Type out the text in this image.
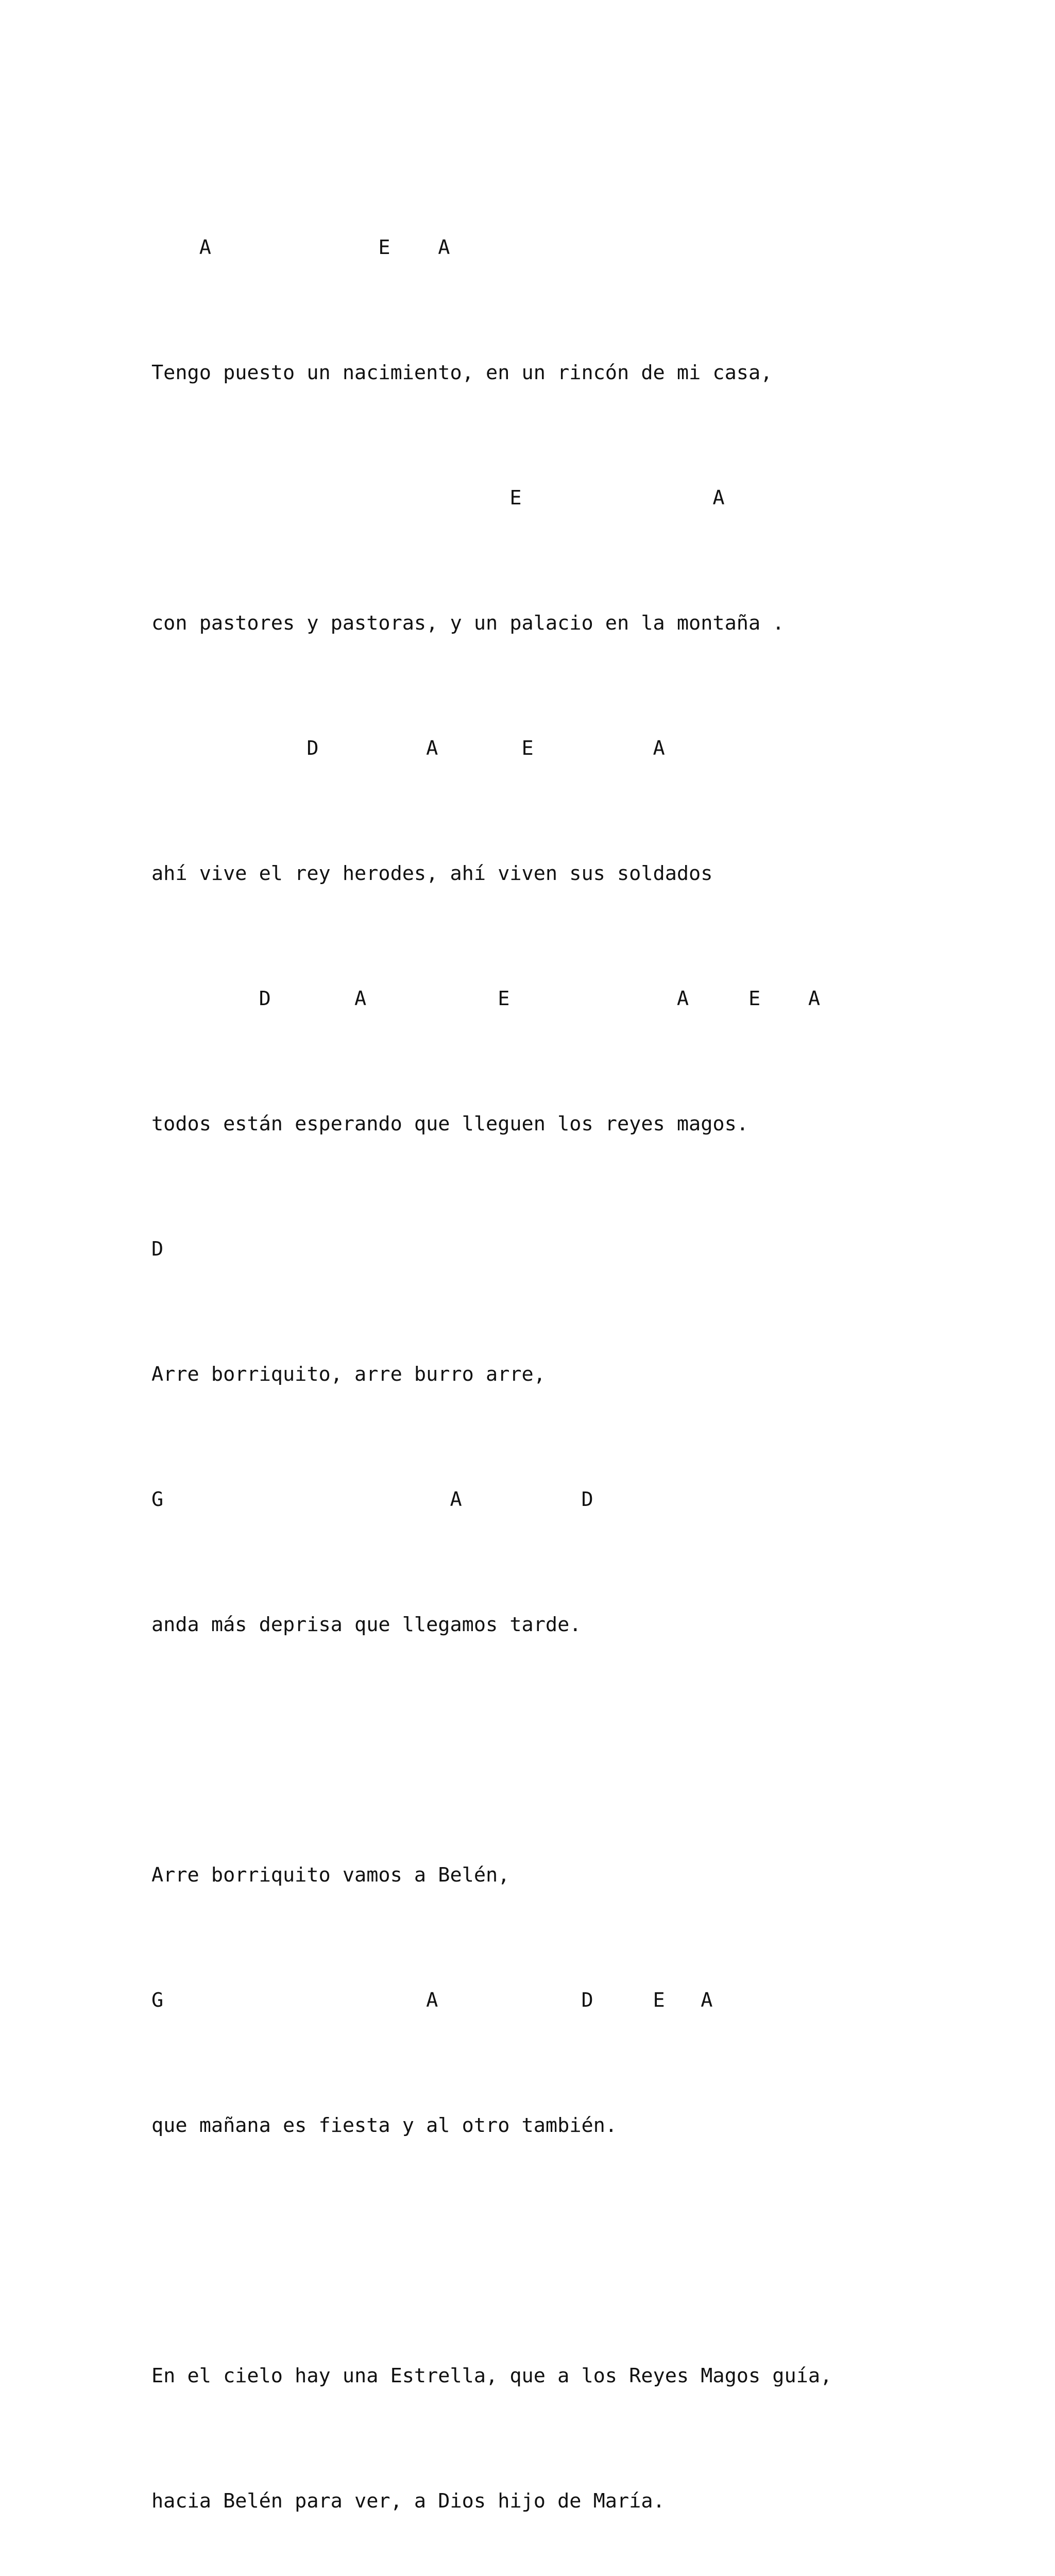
A              E    A

Tengo puesto un nacimiento, en un rincón de mi casa,

E                A

con pastores y pastoras, y un palacio en la montaña .

D         A       E          A

ahí vive el rey herodes, ahí viven sus soldados

D       A           E              A     E    A

todos están esperando que lleguen los reyes magos.

D

Arre borriquito, arre burro arre,

G                        A          D

anda más deprisa que llegamos tarde.

Arre borriquito vamos a Belén,

G                      A            D     E   A

que mañana es fiesta y al otro también.

En el cielo hay una Estrella, que a los Reyes Magos guía,

hacia Belén para ver, a Dios hijo de María.
